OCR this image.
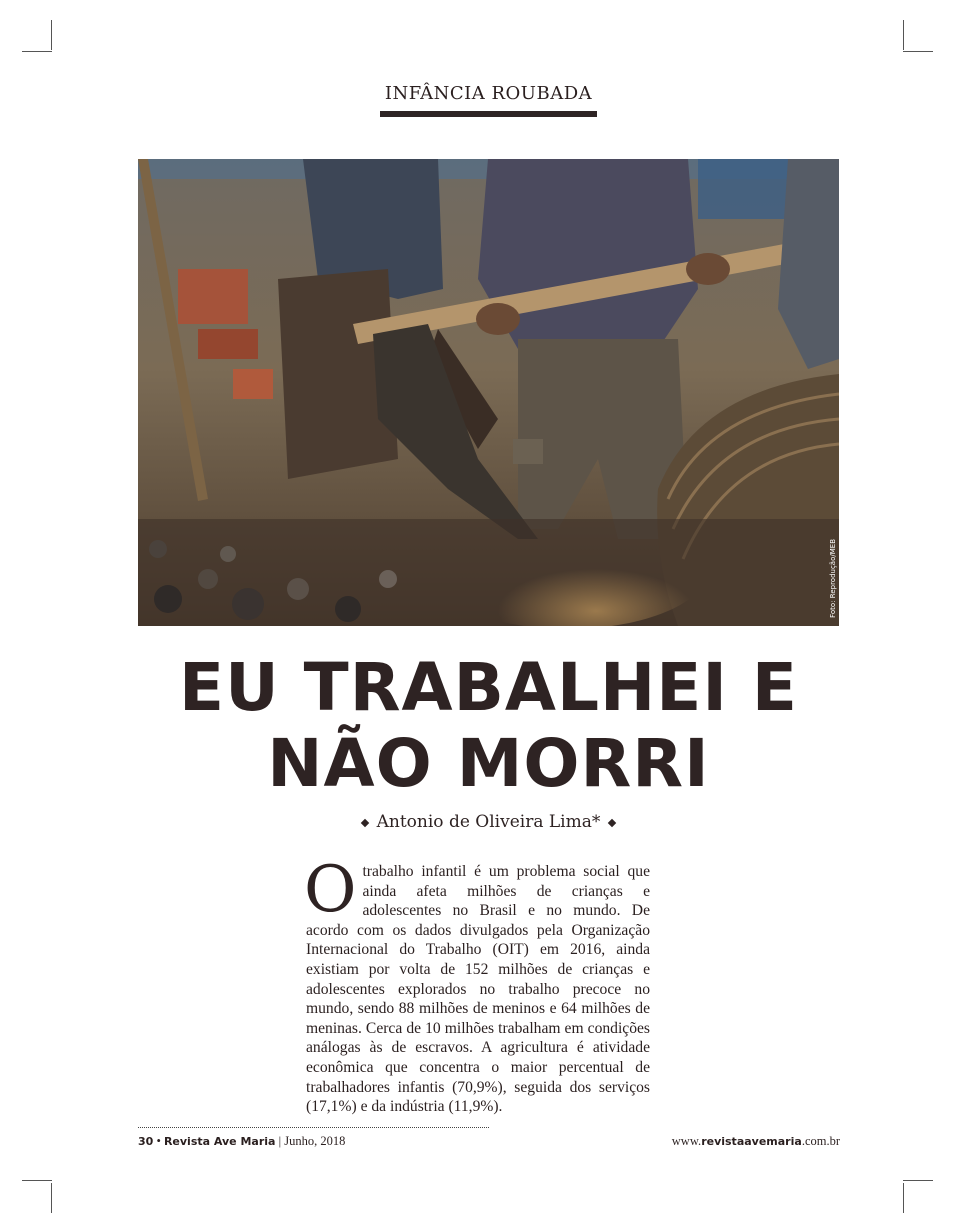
INFÂNCIA ROUBADA
Foto: Reprodução/MEB
EU TRABALHEI E
NÃO MORRI
Antonio de Oliveira Lima*
Otrabalho infantil é um problema social que ainda afeta milhões de crianças e adolescentes no Brasil e no mundo. De acordo com os dados divulgados pela Organização Internacional do Trabalho (OIT) em 2016, ainda existiam por volta de 152 milhões de crianças e adolescentes explorados no trabalho precoce no mundo, sendo 88 milhões de meninos e 64 milhões de meninas. Cerca de 10 milhões trabalham em condições análogas às de escravos. A agricultura é atividade econômica que concentra o maior percentual de trabalhadores infantis (70,9%), seguida dos serviços (17,1%) e da indústria (11,9%).
30 • Revista Ave Maria | Junho, 2018	www.revistaavemaria.com.br
